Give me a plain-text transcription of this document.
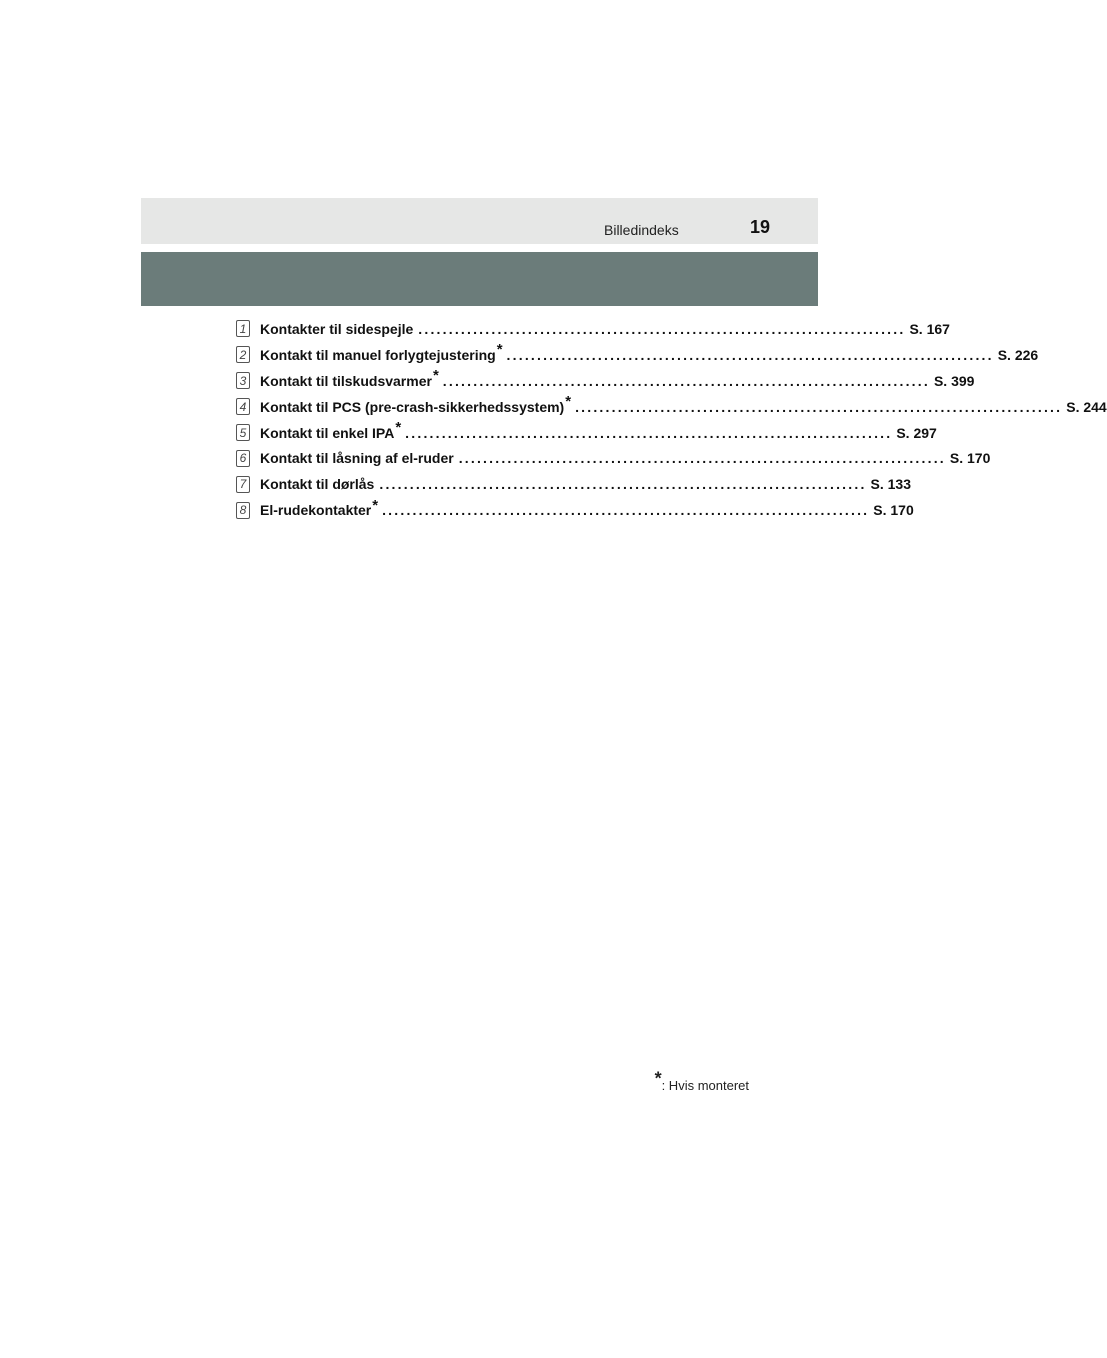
Billedindeks	19
1 Kontakter til sidespejle ................................................................................ S. 167
2 Kontakt til manuel forlygtejustering* ................................................................................ S. 226
3 Kontakt til tilskudsvarmer* ................................................................................ S. 399
4 Kontakt til PCS (pre-crash-sikkerhedssystem)* ................................................................................ S. 244
5 Kontakt til enkel IPA* ................................................................................ S. 297
6 Kontakt til låsning af el-ruder ................................................................................ S. 170
7 Kontakt til dørlås ................................................................................ S. 133
8 El-rudekontakter* ................................................................................ S. 170
*: Hvis monteret
